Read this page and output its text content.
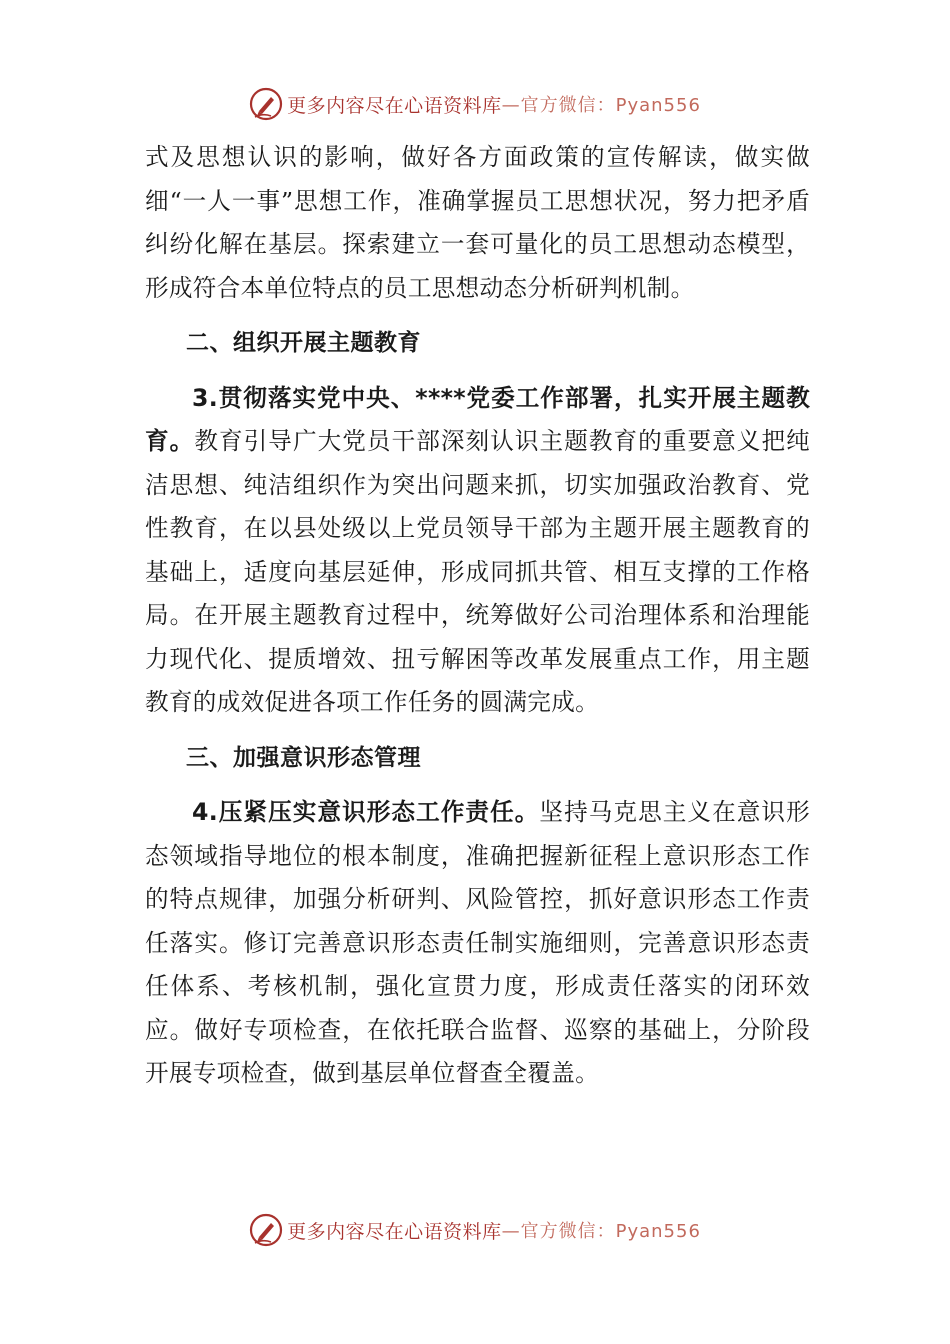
更多内容尽在心语资料库 —官方微信：Pyan556

式及思想认识的影响，做好各方面政策的宣传解读，做实做细“一人一事”思想工作，准确掌握员工思想状况，努力把矛盾纠纷化解在基层。探索建立一套可量化的员工思想动态模型，形成符合本单位特点的员工思想动态分析研判机制。

二、组织开展主题教育

3.贯彻落实党中央、****党委工作部署，扎实开展主题教育。教育引导广大党员干部深刻认识主题教育的重要意义把纯洁思想、纯洁组织作为突出问题来抓，切实加强政治教育、党性教育，在以县处级以上党员领导干部为主题开展主题教育的基础上，适度向基层延伸，形成同抓共管、相互支撑的工作格局。在开展主题教育过程中，统筹做好公司治理体系和治理能力现代化、提质增效、扭亏解困等改革发展重点工作，用主题教育的成效促进各项工作任务的圆满完成。

三、加强意识形态管理

4.压紧压实意识形态工作责任。坚持马克思主义在意识形态领域指导地位的根本制度，准确把握新征程上意识形态工作的特点规律，加强分析研判、风险管控，抓好意识形态工作责任落实。修订完善意识形态责任制实施细则，完善意识形态责任体系、考核机制，强化宣贯力度，形成责任落实的闭环效应。做好专项检查，在依托联合监督、巡察的基础上，分阶段开展专项检查，做到基层单位督查全覆盖。

更多内容尽在心语资料库 —官方微信：Pyan556
